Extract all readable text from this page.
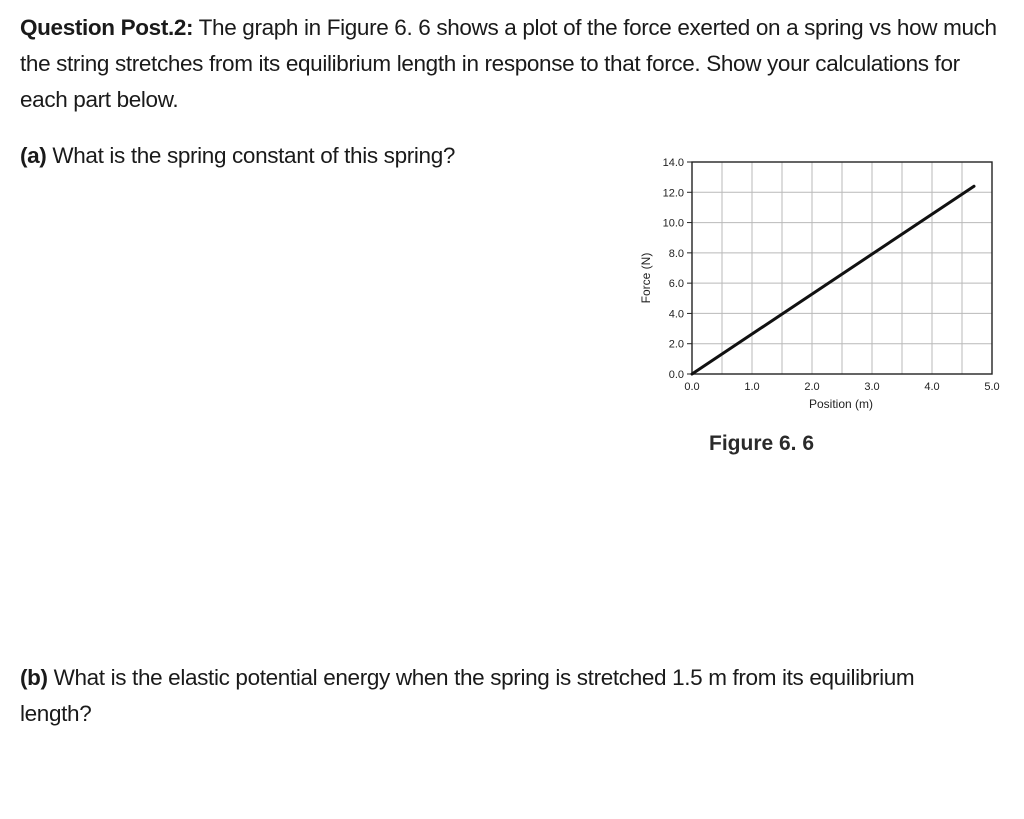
Question Post.2: The graph in Figure 6. 6 shows a plot of the force exerted on a spring vs how much the string stretches from its equilibrium length in response to that force. Show your calculations for each part below.
(a) What is the spring constant of this spring?
0.0
2.0
4.0
6.0
8.0
10.0
12.0
14.0
0.0	1.0	2.0	3.0	4.0	5.0
Position (m)
Force (N)
Figure 6. 6
(b) What is the elastic potential energy when the spring is stretched 1.5 m from its equilibrium length?
